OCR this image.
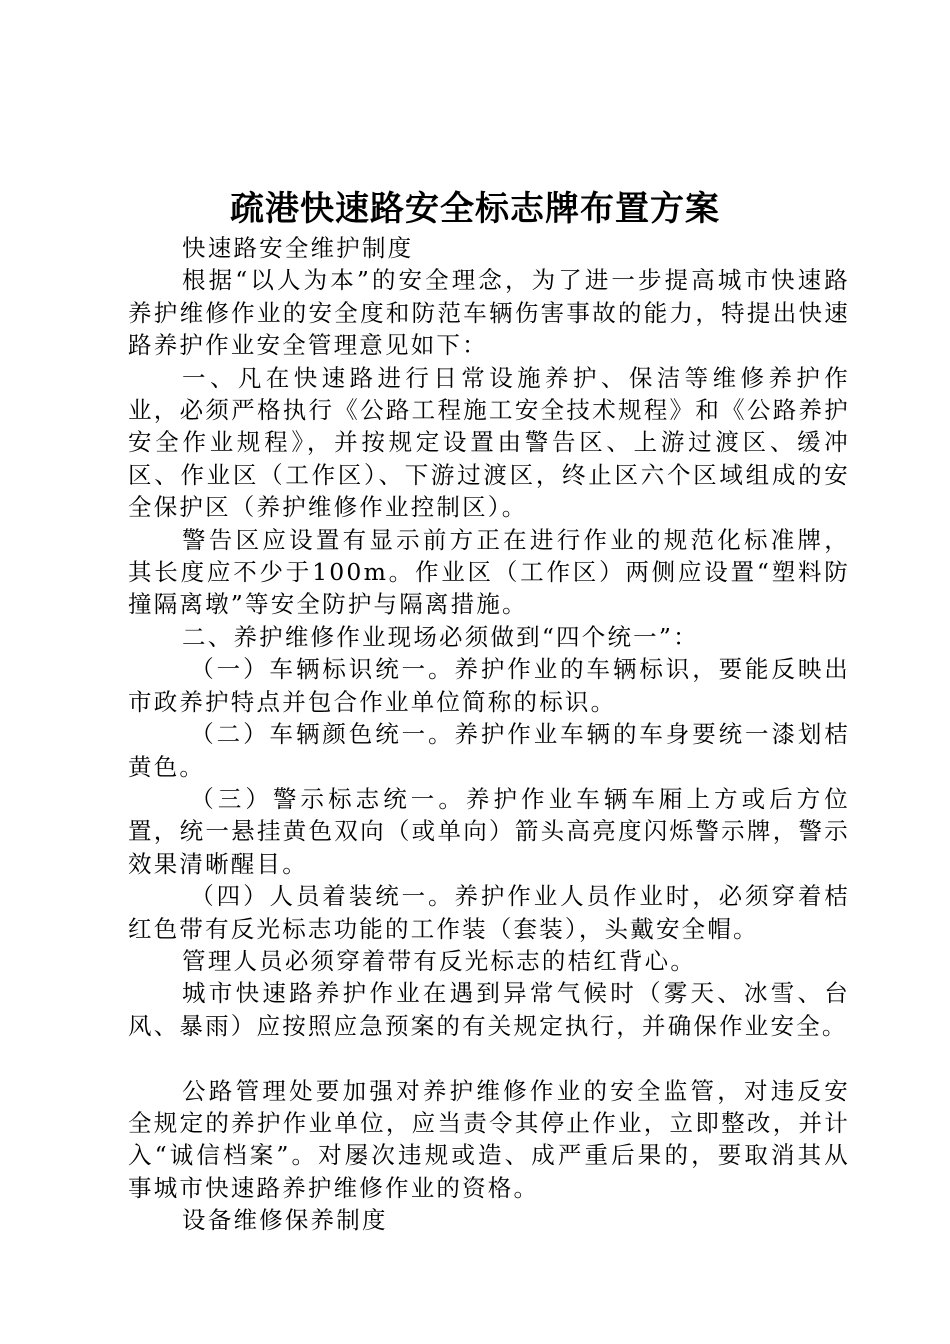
疏港快速路安全标志牌布置方案

快速路安全维护制度

根据“以人为本”的安全理念，为了进一步提高城市快速路养护维修作业的安全度和防范车辆伤害事故的能力，特提出快速路养护作业安全管理意见如下：

一、凡在快速路进行日常设施养护、保洁等维修养护作业，必须严格执行《公路工程施工安全技术规程》和《公路养护安全作业规程》，并按规定设置由警告区、上游过渡区、缓冲区、作业区（工作区）、下游过渡区，终止区六个区域组成的安全保护区（养护维修作业控制区）。

警告区应设置有显示前方正在进行作业的规范化标准牌，其长度应不少于100m。作业区（工作区）两侧应设置“塑料防撞隔离墩”等安全防护与隔离措施。

二、养护维修作业现场必须做到“四个统一”：

（一）车辆标识统一。养护作业的车辆标识，要能反映出市政养护特点并包合作业单位简称的标识。

（二）车辆颜色统一。养护作业车辆的车身要统一漆划桔黄色。

（三）警示标志统一。养护作业车辆车厢上方或后方位置，统一悬挂黄色双向（或单向）箭头高亮度闪烁警示牌，警示效果清晰醒目。

（四）人员着装统一。养护作业人员作业时，必须穿着桔红色带有反光标志功能的工作装（套装），头戴安全帽。

管理人员必须穿着带有反光标志的桔红背心。

城市快速路养护作业在遇到异常气候时（雾天、冰雪、台风、暴雨）应按照应急预案的有关规定执行，并确保作业安全。

公路管理处要加强对养护维修作业的安全监管，对违反安全规定的养护作业单位，应当责令其停止作业，立即整改，并计入“诚信档案”。对屡次违规或造、成严重后果的，要取消其从事城市快速路养护维修作业的资格。

设备维修保养制度
